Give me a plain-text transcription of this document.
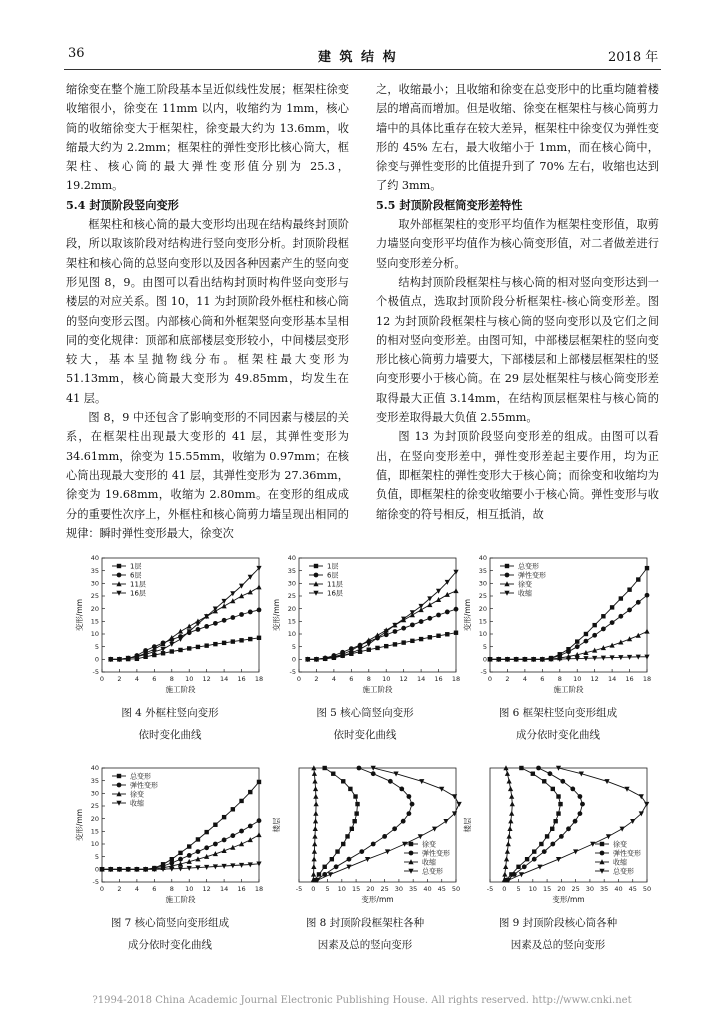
36	建 筑 结 构	2018 年

缩徐变在整个施工阶段基本呈近似线性发展；框架柱徐变收缩很小，徐变在 11mm 以内，收缩约为 1mm，核心筒的收缩徐变大于框架柱，徐变最大约为 13.6mm，收缩最大约为 2.2mm；框架柱的弹性变形比核心筒大，框架柱、核心筒的最大弹性变形值分别为 25.3，19.2mm。

5.4 封顶阶段竖向变形

框架柱和核心筒的最大变形均出现在结构最终封顶阶段，所以取该阶段对结构进行竖向变形分析。封顶阶段框架柱和核心筒的总竖向变形以及因各种因素产生的竖向变形见图 8，9。由图可以看出结构封顶时构件竖向变形与楼层的对应关系。图 10，11 为封顶阶段外框柱和核心筒的竖向变形云图。内部核心筒和外框架竖向变形基本呈相同的变化规律：顶部和底部楼层变形较小，中间楼层变形较大，基本呈抛物线分布。框架柱最大变形为 51.13mm，核心筒最大变形为 49.85mm，均发生在 41 层。

图 8，9 中还包含了影响变形的不同因素与楼层的关系，在框架柱出现最大变形的 41 层，其弹性变形为 34.61mm，徐变为 15.55mm，收缩为 0.97mm；在核心筒出现最大变形的 41 层，其弹性变形为 27.36mm，徐变为 19.68mm，收缩为 2.80mm。在变形的组成成分的重要性次序上，外框柱和核心筒剪力墙呈现出相同的规律：瞬时弹性变形最大，徐变次

之，收缩最小；且收缩和徐变在总变形中的比重均随着楼层的增高而增加。但是收缩、徐变在框架柱与核心筒剪力墙中的具体比重存在较大差异，框架柱中徐变仅为弹性变形的 45% 左右，最大收缩小于 1mm，而在核心筒中，徐变与弹性变形的比值提升到了 70% 左右，收缩也达到了约 3mm。

5.5 封顶阶段框筒变形差特性

取外部框架柱的变形平均值作为框架柱变形值，取剪力墙竖向变形平均值作为核心筒变形值，对二者做差进行竖向变形差分析。

结构封顶阶段框架柱与核心筒的相对竖向变形达到一个极值点，选取封顶阶段分析框架柱-核心筒变形差。图 12 为封顶阶段框架柱与核心筒的竖向变形以及它们之间的相对竖向变形差。由图可知，中部楼层框架柱的竖向变形比核心筒剪力墙要大，下部楼层和上部楼层框架柱的竖向变形要小于核心筒。在 29 层处框架柱与核心筒变形差取得最大正值 3.14mm，在结构顶层框架柱与核心筒的变形差取得最大负值 2.55mm。

图 13 为封顶阶段竖向变形差的组成。由图可以看出，在竖向变形差中，弹性变形差起主要作用，均为正值，即框架柱的弹性变形大于核心筒；而徐变和收缩均为负值，即框架柱的徐变收缩要小于核心筒。弹性变形与收缩徐变的符号相反，相互抵消，故

0 2 4 6 8 10 12 14 16 18
-5
0
5
10
15
20
25
30
35
40
施工阶段
变形/mm
1层
6层
11层
16层
0 2 4 6 8 10 12 14 16 18
-5
0
5
10
15
20
25
30
35
40
施工阶段
变形/mm
1层
6层
11层
16层
0 2 4 6 8 10 12 14 16 18
-5
0
5
10
15
20
25
30
35
40
施工阶段
变形/mm
总变形
弹性变形
徐变
收缩
0 2 4 6 8 10 12 14 16 18
-5
0
5
10
15
20
25
30
35
40
施工阶段
变形/mm
总变形
弹性变形
徐变
收缩
-5 0 5 10 15 20 25 30 35 40 45 50
变形/mm
楼层
徐变
弹性变形
收缩
总变形
-5 0 5 10 15 20 25 30 35 40 45 50
变形/mm
楼层
徐变
弹性变形
收缩
总变形
图 4 外框柱竖向变形
依时变化曲线
图 5 核心筒竖向变形
依时变化曲线
图 6 框架柱竖向变形组成
成分依时变化曲线
图 7 核心筒竖向变形组成
成分依时变化曲线
图 8 封顶阶段框架柱各种
因素及总的竖向变形
图 9 封顶阶段核心筒各种
因素及总的竖向变形
?1994-2018 China Academic Journal Electronic Publishing House. All rights reserved. http://www.cnki.net
